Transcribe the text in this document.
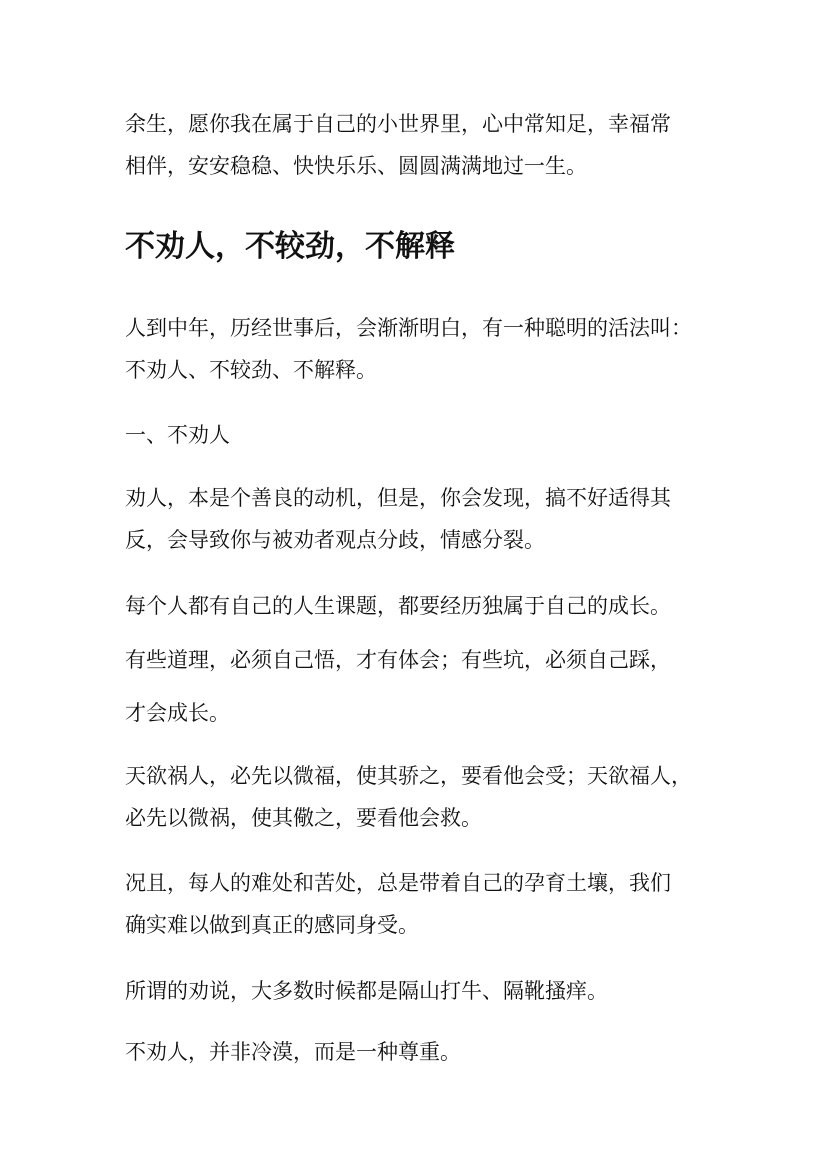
余生，愿你我在属于自己的小世界里，心中常知足，幸福常

相伴，安安稳稳、快快乐乐、圆圆满满地过一生。

不劝人，不较劲，不解释

人到中年，历经世事后，会渐渐明白，有一种聪明的活法叫：

不劝人、不较劲、不解释。

一、不劝人

劝人，本是个善良的动机，但是，你会发现，搞不好适得其

反，会导致你与被劝者观点分歧，情感分裂。

每个人都有自己的人生课题，都要经历独属于自己的成长。

有些道理，必须自己悟，才有体会；有些坑，必须自己踩，

才会成长。

天欲祸人，必先以微福，使其骄之，要看他会受；天欲福人，

必先以微祸，使其儆之，要看他会救。

况且，每人的难处和苦处，总是带着自己的孕育土壤，我们

确实难以做到真正的感同身受。

所谓的劝说，大多数时候都是隔山打牛、隔靴搔痒。

不劝人，并非冷漠，而是一种尊重。
